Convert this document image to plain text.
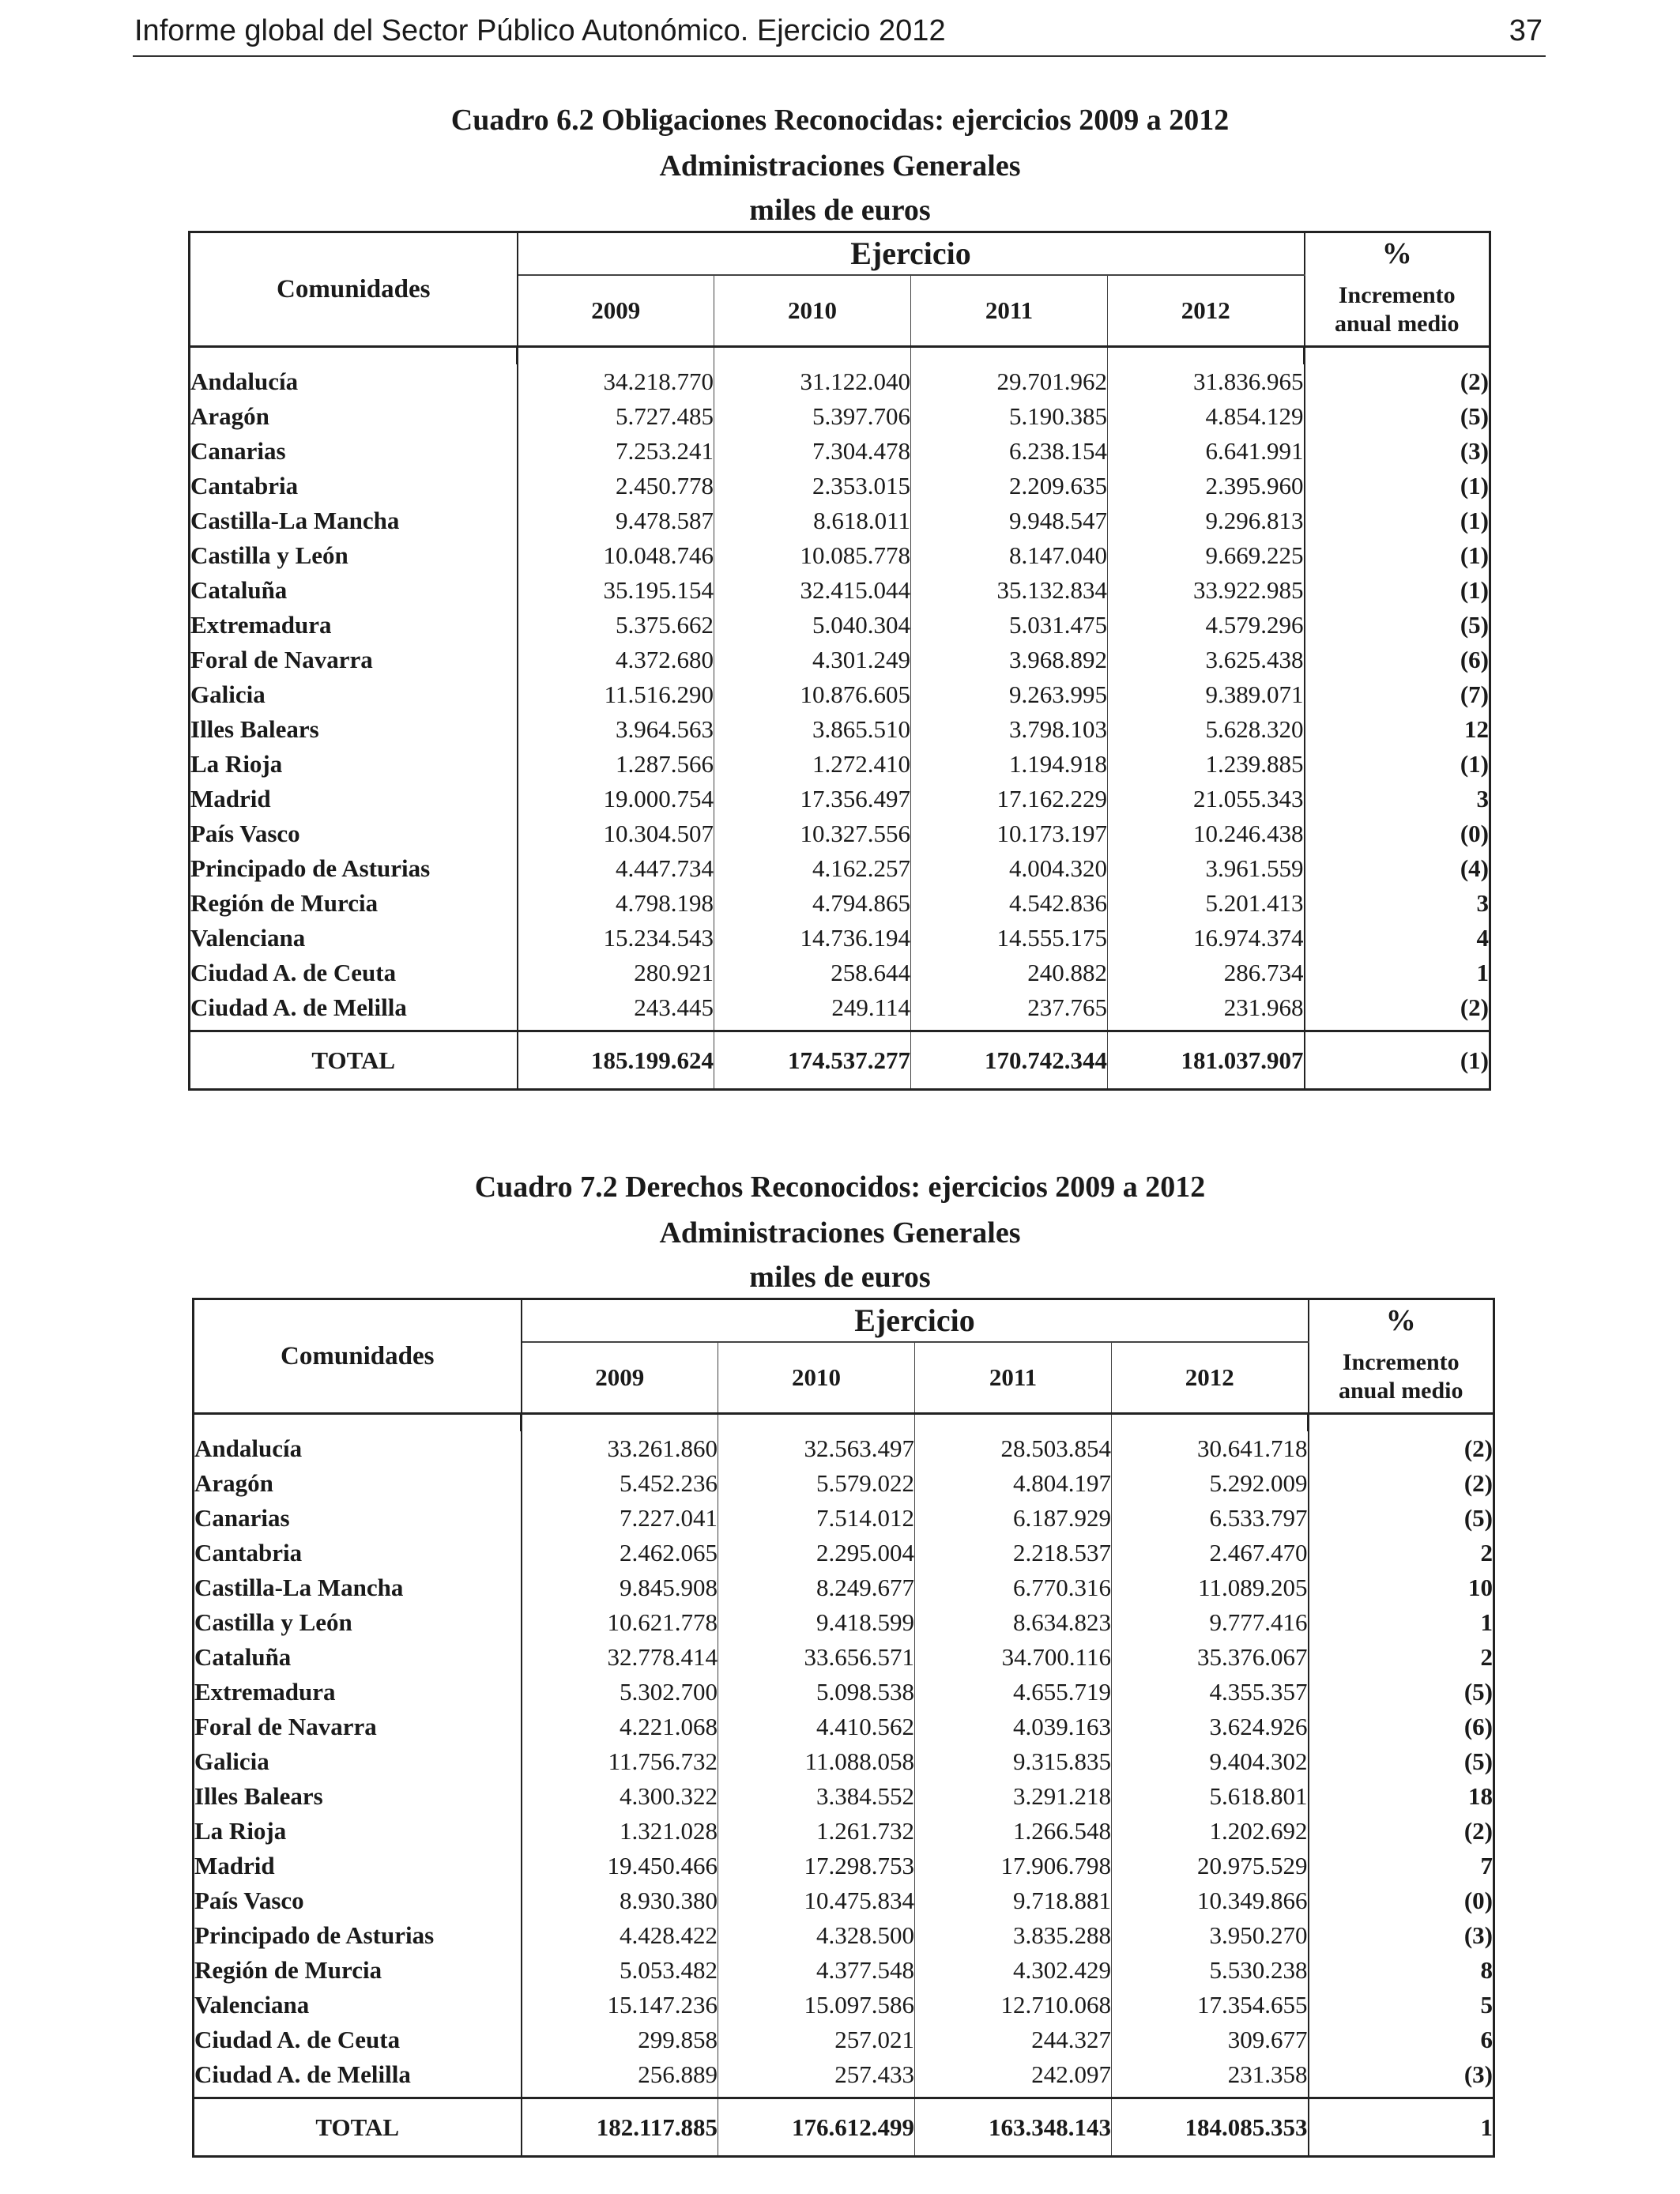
Informe global del Sector Público Autonómico. Ejercicio 2012	37
Cuadro 6.2 Obligaciones Reconocidas: ejercicios 2009 a 2012
Administraciones Generales
miles de euros
Comunidades	Ejercicio				%
	2009	2010	2011	2012	Incremento
anual medio

Andalucía	34.218.770	31.122.040	29.701.962	31.836.965	(2)
Aragón	5.727.485	5.397.706	5.190.385	4.854.129	(5)
Canarias	7.253.241	7.304.478	6.238.154	6.641.991	(3)
Cantabria	2.450.778	2.353.015	2.209.635	2.395.960	(1)
Castilla-La Mancha	9.478.587	8.618.011	9.948.547	9.296.813	(1)
Castilla y León	10.048.746	10.085.778	8.147.040	9.669.225	(1)
Cataluña	35.195.154	32.415.044	35.132.834	33.922.985	(1)
Extremadura	5.375.662	5.040.304	5.031.475	4.579.296	(5)
Foral de Navarra	4.372.680	4.301.249	3.968.892	3.625.438	(6)
Galicia	11.516.290	10.876.605	9.263.995	9.389.071	(7)
Illes Balears	3.964.563	3.865.510	3.798.103	5.628.320	12
La Rioja	1.287.566	1.272.410	1.194.918	1.239.885	(1)
Madrid	19.000.754	17.356.497	17.162.229	21.055.343	3
País Vasco	10.304.507	10.327.556	10.173.197	10.246.438	(0)
Principado de Asturias	4.447.734	4.162.257	4.004.320	3.961.559	(4)
Región de Murcia	4.798.198	4.794.865	4.542.836	5.201.413	3
Valenciana	15.234.543	14.736.194	14.555.175	16.974.374	4
Ciudad A. de Ceuta	280.921	258.644	240.882	286.734	1
Ciudad A. de Melilla	243.445	249.114	237.765	231.968	(2)
TOTAL	185.199.624	174.537.277	170.742.344	181.037.907	(1)
Cuadro 7.2 Derechos Reconocidos: ejercicios 2009 a 2012
Administraciones Generales
miles de euros
Comunidades	Ejercicio				%
	2009	2010	2011	2012	Incremento
anual medio

Andalucía	33.261.860	32.563.497	28.503.854	30.641.718	(2)
Aragón	5.452.236	5.579.022	4.804.197	5.292.009	(2)
Canarias	7.227.041	7.514.012	6.187.929	6.533.797	(5)
Cantabria	2.462.065	2.295.004	2.218.537	2.467.470	2
Castilla-La Mancha	9.845.908	8.249.677	6.770.316	11.089.205	10
Castilla y León	10.621.778	9.418.599	8.634.823	9.777.416	1
Cataluña	32.778.414	33.656.571	34.700.116	35.376.067	2
Extremadura	5.302.700	5.098.538	4.655.719	4.355.357	(5)
Foral de Navarra	4.221.068	4.410.562	4.039.163	3.624.926	(6)
Galicia	11.756.732	11.088.058	9.315.835	9.404.302	(5)
Illes Balears	4.300.322	3.384.552	3.291.218	5.618.801	18
La Rioja	1.321.028	1.261.732	1.266.548	1.202.692	(2)
Madrid	19.450.466	17.298.753	17.906.798	20.975.529	7
País Vasco	8.930.380	10.475.834	9.718.881	10.349.866	(0)
Principado de Asturias	4.428.422	4.328.500	3.835.288	3.950.270	(3)
Región de Murcia	5.053.482	4.377.548	4.302.429	5.530.238	8
Valenciana	15.147.236	15.097.586	12.710.068	17.354.655	5
Ciudad A. de Ceuta	299.858	257.021	244.327	309.677	6
Ciudad A. de Melilla	256.889	257.433	242.097	231.358	(3)
TOTAL	182.117.885	176.612.499	163.348.143	184.085.353	1
